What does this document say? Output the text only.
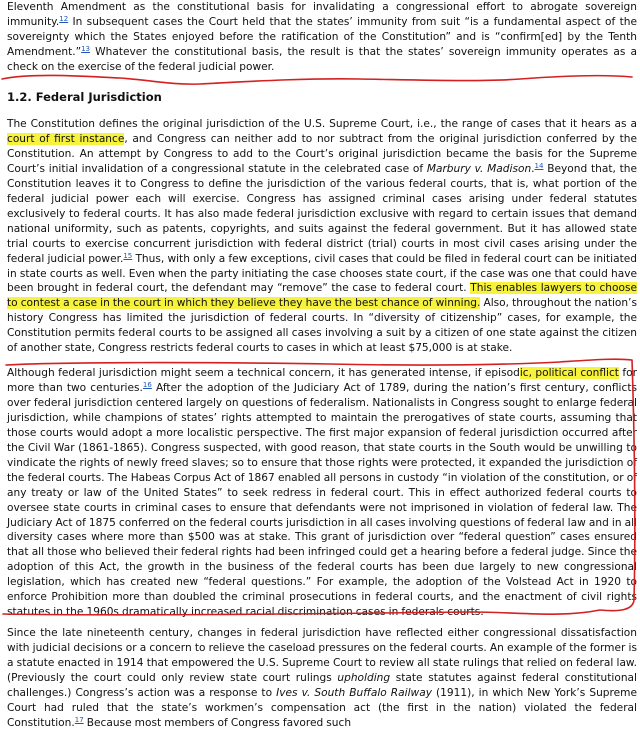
Eleventh Amendment as the constitutional basis for invalidating a congressional effort to abrogate sovereign immunity.$^{12}$ In subsequent cases the Court held that the states’ immunity from suit “is a fundamental aspect of the sovereignty which the States enjoyed before the ratification of the Constitution” and is “confirm[ed] by the Tenth Amendment.”$^{13}$ Whatever the constitutional basis, the result is that the states’ sovereign immunity operates as a check on the exercise of the federal judicial power.

1.2. Federal Jurisdiction

The Constitution defines the original jurisdiction of the U.S. Supreme Court, i.e., the range of cases that it hears as a court of first instance, and Congress can neither add to nor subtract from the original jurisdiction conferred by the Constitution. An attempt by Congress to add to the Court’s original jurisdiction became the basis for the Supreme Court’s initial invalidation of a congressional statute in the celebrated case of Marbury v. Madison.$^{14}$ Beyond that, the Constitution leaves it to Congress to define the jurisdiction of the various federal courts, that is, what portion of the federal judicial power each will exercise. Congress has assigned criminal cases arising under federal statutes exclusively to federal courts. It has also made federal jurisdiction exclusive with regard to certain issues that demand national uniformity, such as patents, copyrights, and suits against the federal government. But it has allowed state trial courts to exercise concurrent jurisdiction with federal district (trial) courts in most civil cases arising under the federal judicial power.$^{15}$ Thus, with only a few exceptions, civil cases that could be filed in federal court can be initiated in state courts as well. Even when the party initiating the case chooses state court, if the case was one that could have been brought in federal court, the defendant may “remove” the case to federal court. This enables lawyers to choose to contest a case in the court in which they believe they have the best chance of winning. Also, throughout the nation’s history Congress has limited the jurisdiction of federal courts. In “diversity of citizenship” cases, for example, the Constitution permits federal courts to be assigned all cases involving a suit by a citizen of one state against the citizen of another state, Congress restricts federal courts to cases in which at least $75,000 is at stake.

Although federal jurisdiction might seem a technical concern, it has generated intense, if episodic, political conflict for more than two centuries.$^{16}$ After the adoption of the Judiciary Act of 1789, during the nation’s first century, conflicts over federal jurisdiction centered largely on questions of federalism. Nationalists in Congress sought to enlarge federal jurisdiction, while champions of states’ rights attempted to maintain the prerogatives of state courts, assuming that those courts would adopt a more localistic perspective. The first major expansion of federal jurisdiction occurred after the Civil War (1861-1865). Congress suspected, with good reason, that state courts in the South would be unwilling to vindicate the rights of newly freed slaves; so to ensure that those rights were protected, it expanded the jurisdiction of the federal courts. The Habeas Corpus Act of 1867 enabled all persons in custody “in violation of the constitution, or of any treaty or law of the United States” to seek redress in federal court. This in effect authorized federal courts to oversee state courts in criminal cases to ensure that defendants were not imprisoned in violation of federal law. The Judiciary Act of 1875 conferred on the federal courts jurisdiction in all cases involving questions of federal law and in all diversity cases where more than $500 was at stake. This grant of jurisdiction over “federal question” cases ensured that all those who believed their federal rights had been infringed could get a hearing before a federal judge. Since the adoption of this Act, the growth in the business of the federal courts has been due largely to new congressional legislation, which has created new “federal questions.” For example, the adoption of the Volstead Act in 1920 to enforce Prohibition more than doubled the criminal prosecutions in federal courts, and the enactment of civil rights statutes in the 1960s dramatically increased racial discrimination cases in federals courts.

Since the late nineteenth century, changes in federal jurisdiction have reflected either congressional dissatisfaction with judicial decisions or a concern to relieve the caseload pressures on the federal courts. An example of the former is a statute enacted in 1914 that empowered the U.S. Supreme Court to review all state rulings that relied on federal law. (Previously the court could only review state court rulings upholding state statutes against federal constitutional challenges.) Congress’s action was a response to Ives v. South Buffalo Railway (1911), in which New York’s Supreme Court had ruled that the state’s workmen’s compensation act (the first in the nation) violated the federal Constitution.$^{17}$ Because most members of Congress favored such
